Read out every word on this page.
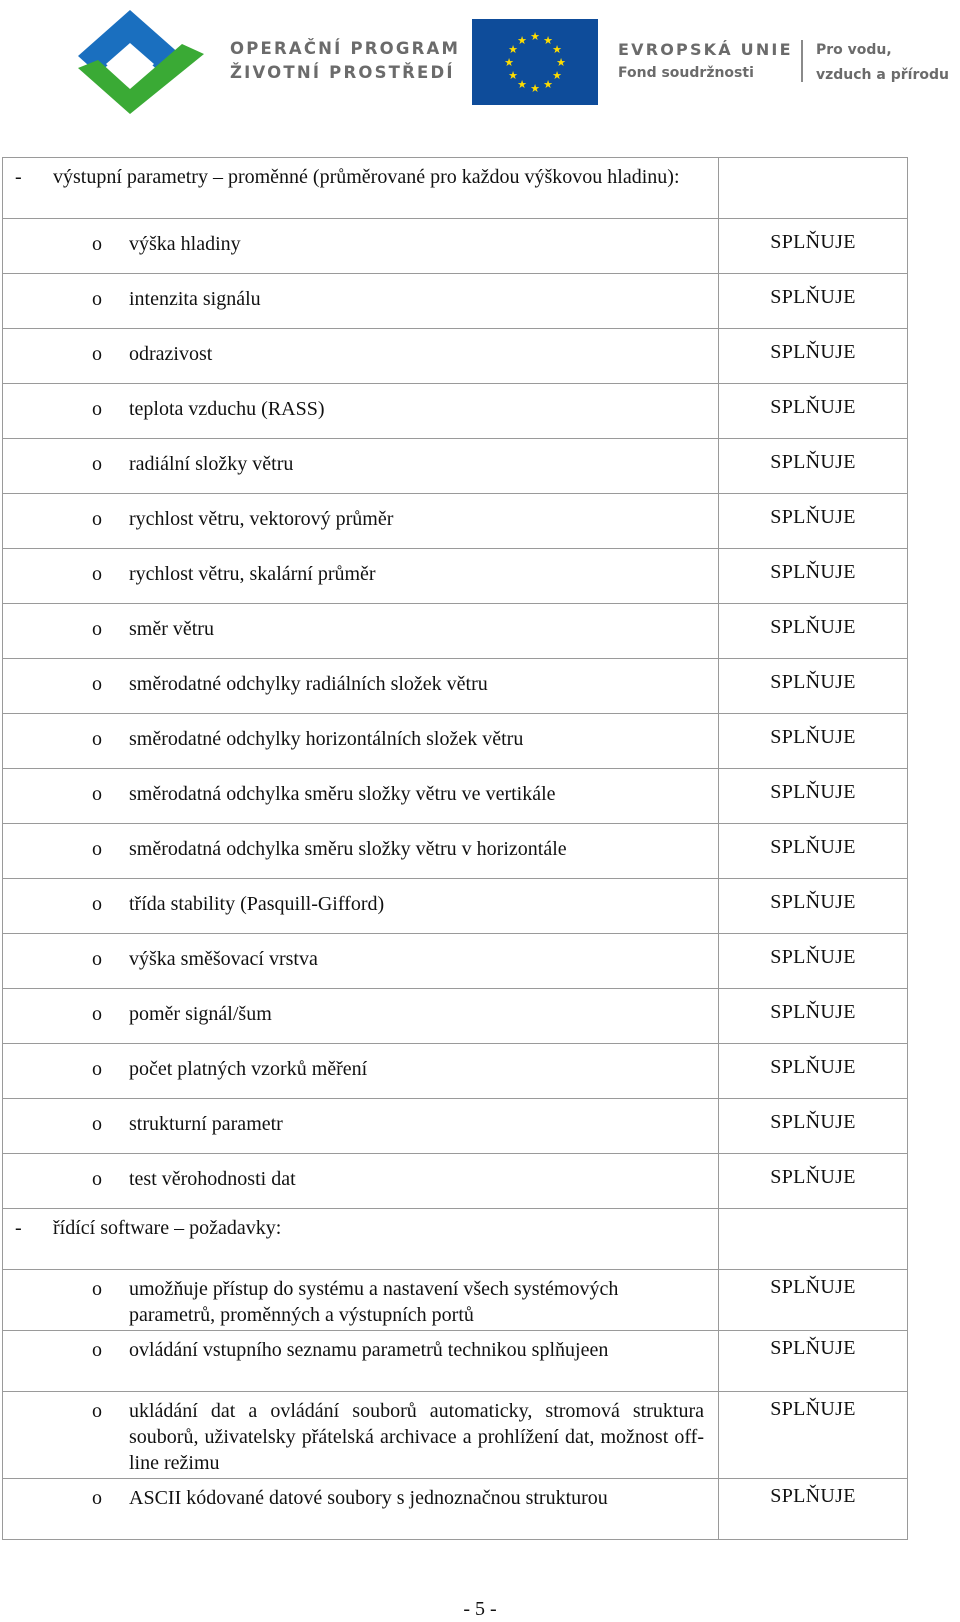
OPERAČNÍ PROGRAM
ŽIVOTNÍ PROSTŘEDÍ
★ ★
★
★
★
★
★
★
★
★
★
★	EVROPSKÁ UNIE
Fond soudržnosti
Pro vodu,
vzduch a přírodu
- výstupní parametry – proměnné (průměrované pro každou výškovou hladinu):	

o výška hladiny	SPLŇUJE

o intenzita signálu	SPLŇUJE

o odrazivost	SPLŇUJE

o teplota vzduchu (RASS)	SPLŇUJE

o radiální složky větru	SPLŇUJE

o rychlost větru, vektorový průměr	SPLŇUJE

o rychlost větru, skalární průměr	SPLŇUJE

o směr větru	SPLŇUJE

o směrodatné odchylky radiálních složek větru	SPLŇUJE

o směrodatné odchylky horizontálních složek větru	SPLŇUJE

o směrodatná odchylka směru složky větru ve vertikále	SPLŇUJE

o směrodatná odchylka směru složky větru v horizontále	SPLŇUJE

o třída stability (Pasquill-Gifford)	SPLŇUJE

o výška směšovací vrstva	SPLŇUJE

o poměr signál/šum	SPLŇUJE

o počet platných vzorků měření	SPLŇUJE

o strukturní parametr	SPLŇUJE

o test věrohodnosti dat	SPLŇUJE

- řídící software – požadavky:	

o umožňuje přístup do systému a nastavení všech systémových parametrů, proměnných a výstupních portů	SPLŇUJE

o ovládání vstupního seznamu parametrů technikou splňujeen	SPLŇUJE

o ukládání dat a ovládání souborů automaticky, stromová struktura souborů, uživatelsky přátelská archivace a prohlížení dat, možnost off-line režimu	SPLŇUJE

o ASCII kódované datové soubory s jednoznačnou strukturou	SPLŇUJE
- 5 -
